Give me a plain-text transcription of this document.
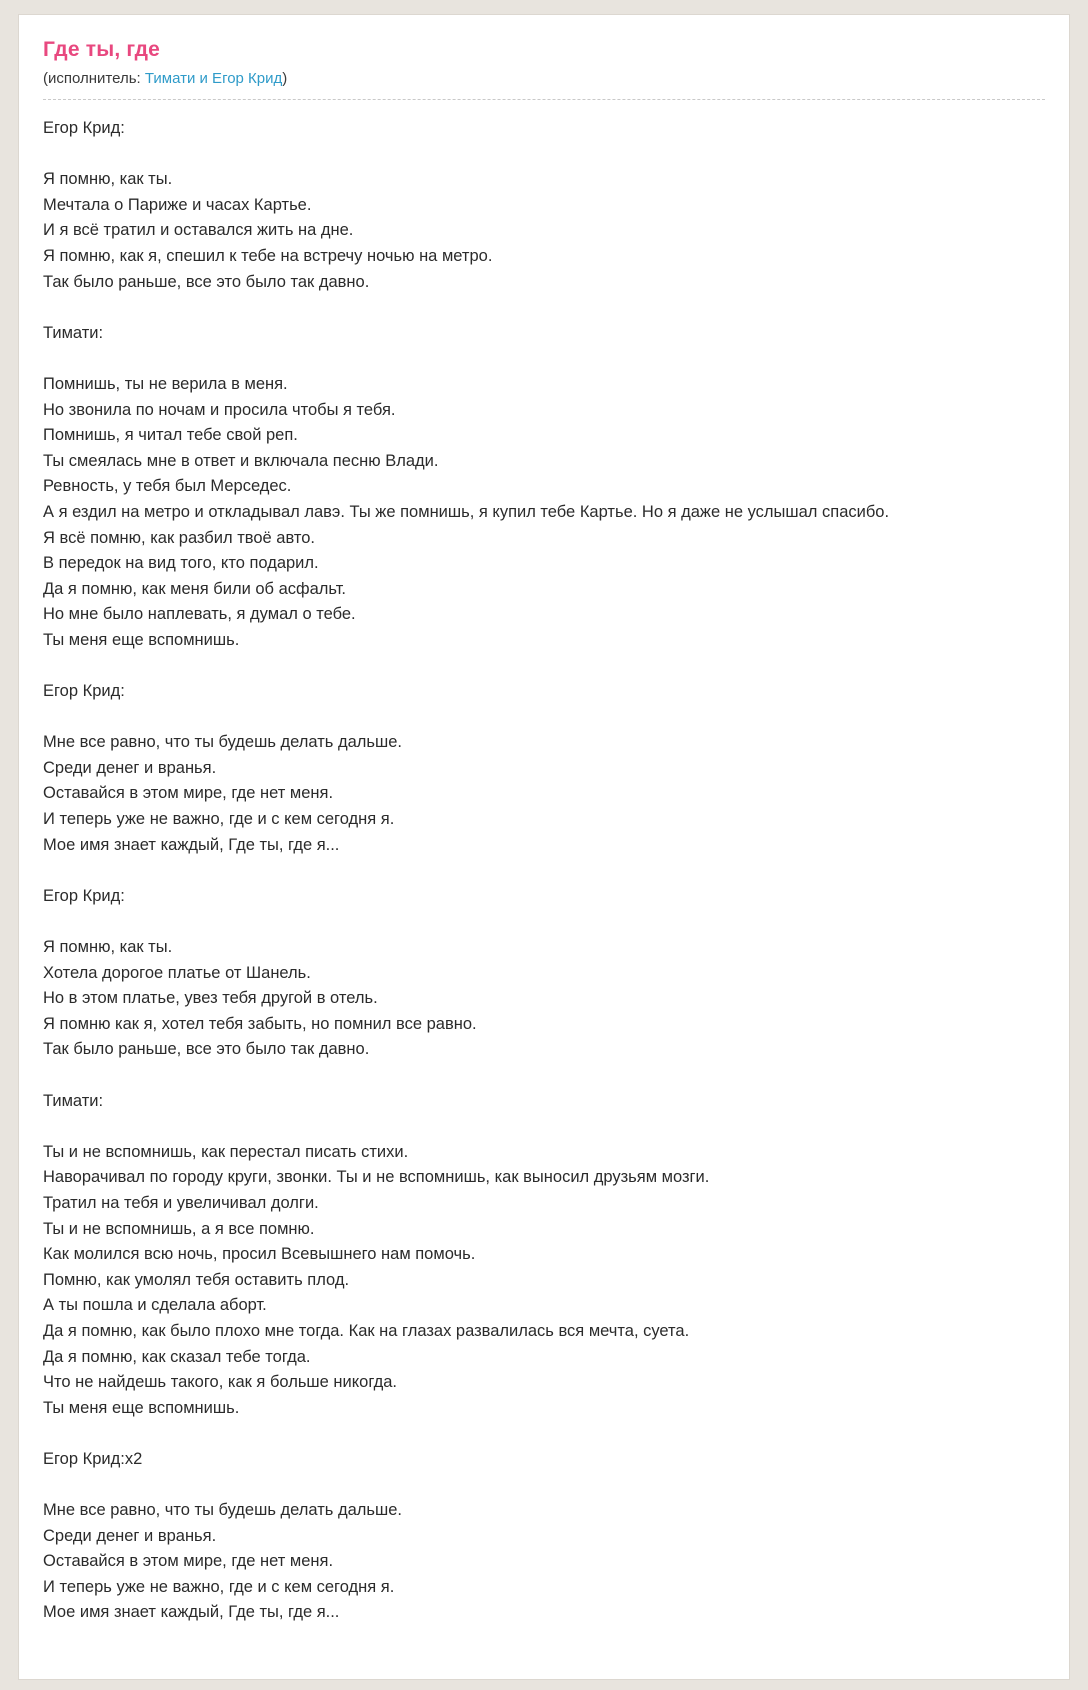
Где ты, где
(исполнитель: Тимати и Егор Крид)
Егор Крид:
Я помню, как ты.
Мечтала о Париже и часах Картье.
И я всё тратил и оставался жить на дне.
Я помню, как я, спешил к тебе на встречу ночью на метро.
Так было раньше, все это было так давно.
Тимати:
Помнишь, ты не верила в меня.
Но звонила по ночам и просила чтобы я тебя.
Помнишь, я читал тебе свой реп.
Ты смеялась мне в ответ и включала песню Влади.
Ревность, у тебя был Мерседес.
А я ездил на метро и откладывал лавэ. Ты же помнишь, я купил тебе Картье. Но я даже не услышал спасибо.
Я всё помню, как разбил твоё авто.
В передок на вид того, кто подарил.
Да я помню, как меня били об асфальт.
Но мне было наплевать, я думал о тебе.
Ты меня еще вспомнишь.
Егор Крид:
Мне все равно, что ты будешь делать дальше.
Среди денег и вранья.
Оставайся в этом мире, где нет меня.
И теперь уже не важно, где и с кем сегодня я.
Мое имя знает каждый, Где ты, где я...
Егор Крид:
Я помню, как ты.
Хотела дорогое платье от Шанель.
Но в этом платье, увез тебя другой в отель.
Я помню как я, хотел тебя забыть, но помнил все равно.
Так было раньше, все это было так давно.
Тимати:
Ты и не вспомнишь, как перестал писать стихи.
Наворачивал по городу круги, звонки. Ты и не вспомнишь, как выносил друзьям мозги.
Тратил на тебя и увеличивал долги.
Ты и не вспомнишь, а я все помню.
Как молился всю ночь, просил Всевышнего нам помочь.
Помню, как умолял тебя оставить плод.
А ты пошла и сделала аборт.
Да я помню, как было плохо мне тогда. Как на глазах развалилась вся мечта, суета.
Да я помню, как сказал тебе тогда.
Что не найдешь такого, как я больше никогда.
Ты меня еще вспомнишь.
Егор Крид:х2
Мне все равно, что ты будешь делать дальше.
Среди денег и вранья.
Оставайся в этом мире, где нет меня.
И теперь уже не важно, где и с кем сегодня я.
Мое имя знает каждый, Где ты, где я...
